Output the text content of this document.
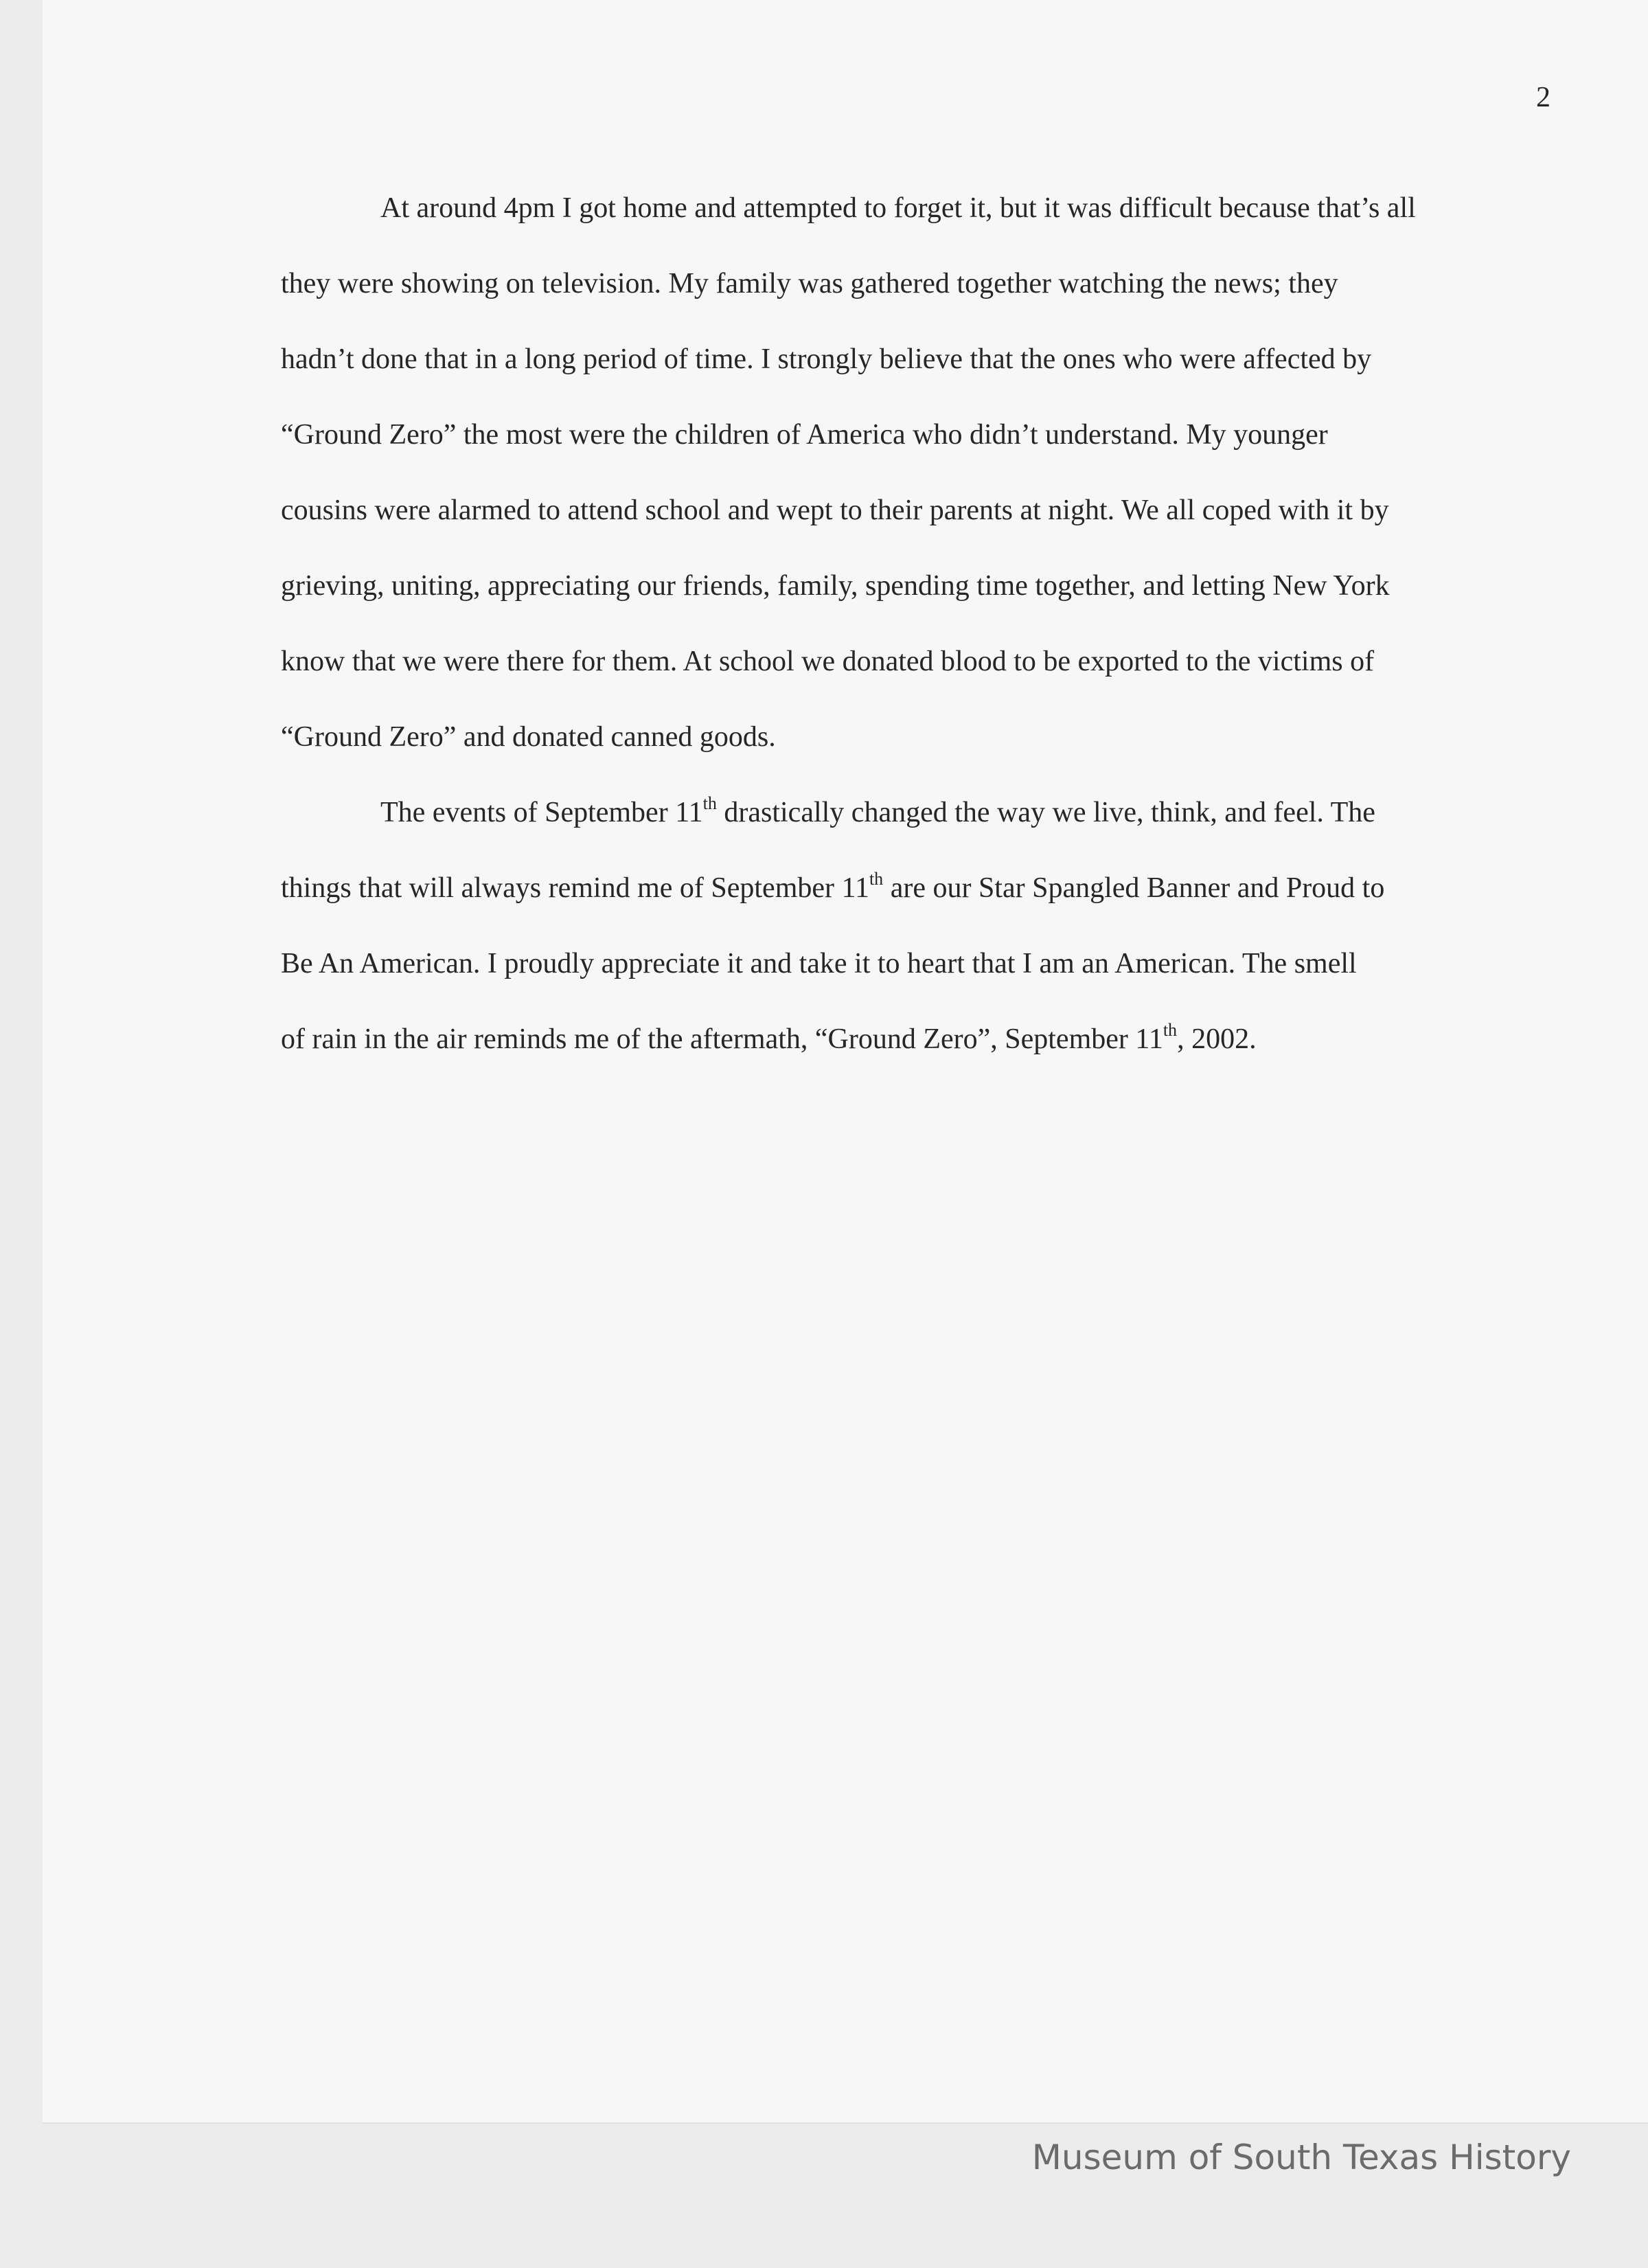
2

At around 4pm I got home and attempted to forget it, but it was difficult because that’s all
they were showing on television. My family was gathered together watching the news; they
hadn’t done that in a long period of time. I strongly believe that the ones who were affected by
“Ground Zero” the most were the children of America who didn’t understand. My younger
cousins were alarmed to attend school and wept to their parents at night. We all coped with it by
grieving, uniting, appreciating our friends, family, spending time together, and letting New York
know that we were there for them. At school we donated blood to be exported to the victims of
“Ground Zero” and donated canned goods.

The events of September 11th drastically changed the way we live, think, and feel. The
things that will always remind me of September 11th are our Star Spangled Banner and Proud to
Be An American. I proudly appreciate it and take it to heart that I am an American. The smell
of rain in the air reminds me of the aftermath, “Ground Zero”, September 11th, 2002.

Museum of South Texas History
